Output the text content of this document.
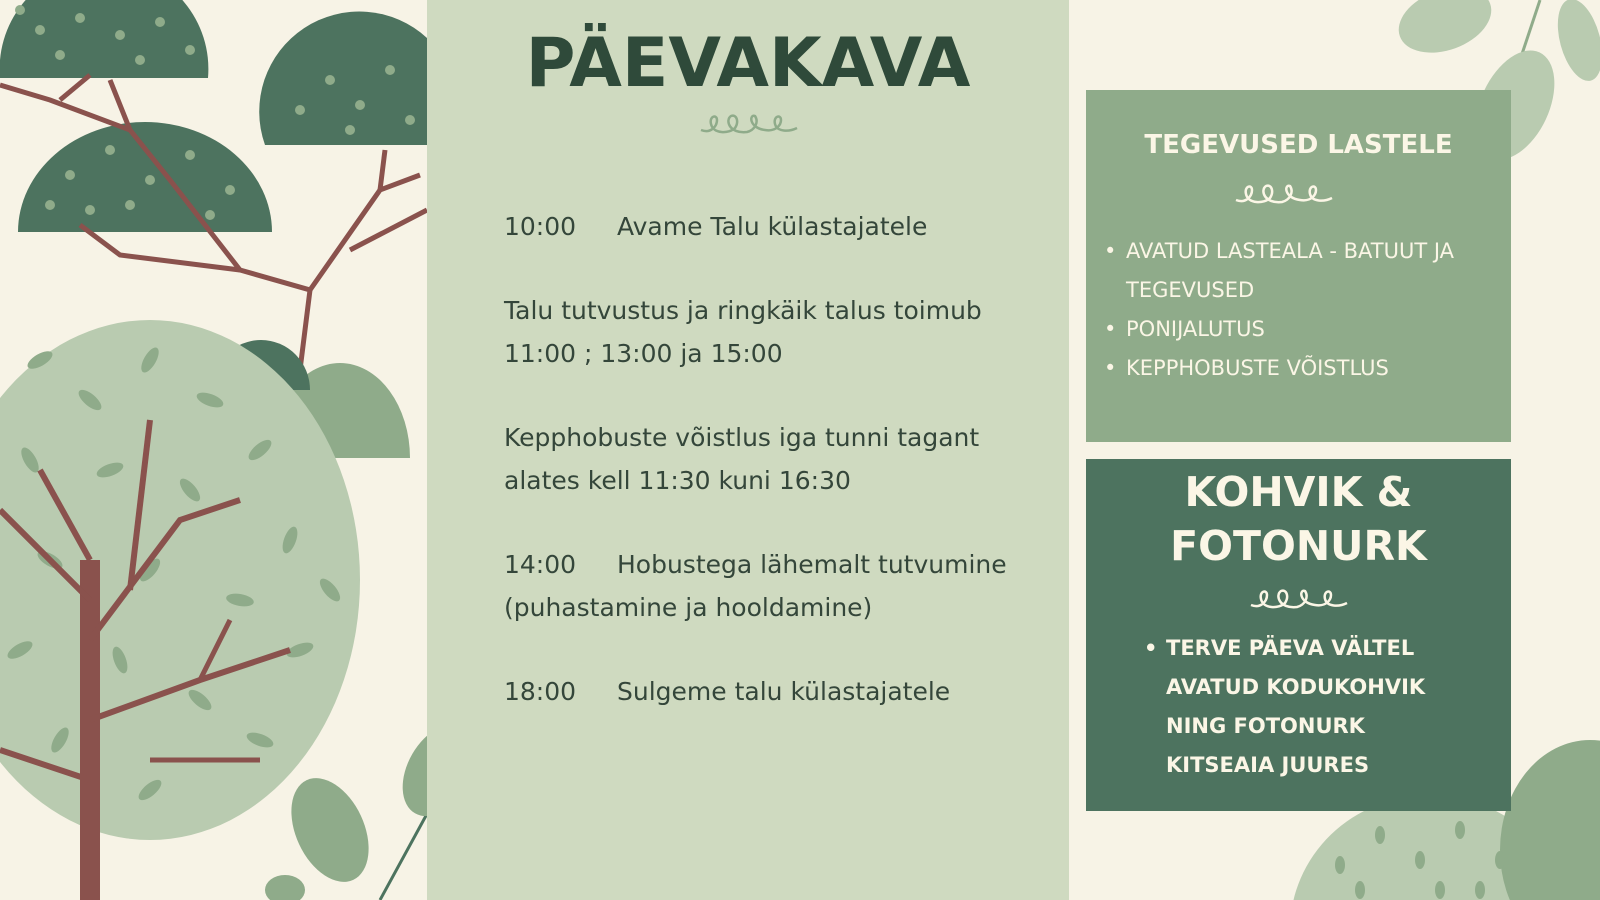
PÄEVAKAVA
10:00 Avame Talu külastajatele
Talu tutvustus ja ringkäik talus toimub 11:00 ; 13:00 ja 15:00
Kepphobuste võistlus iga tunni tagant alates kell 11:30 kuni 16:30
14:00 Hobustega lähemalt tutvumine (puhastamine ja hooldamine)
18:00 Sulgeme talu külastajatele
TEGEVUSED LASTELE
• AVATUD LASTEALA - BATUUT JA TEGEVUSED
• PONIJALUTUS
• KEPPHOBUSTE VÕISTLUS
KOHVIK &
FOTONURK
• TERVE PÄEVA VÄLTEL AVATUD KODUKOHVIK NING FOTONURK KITSEAIA JUURES
